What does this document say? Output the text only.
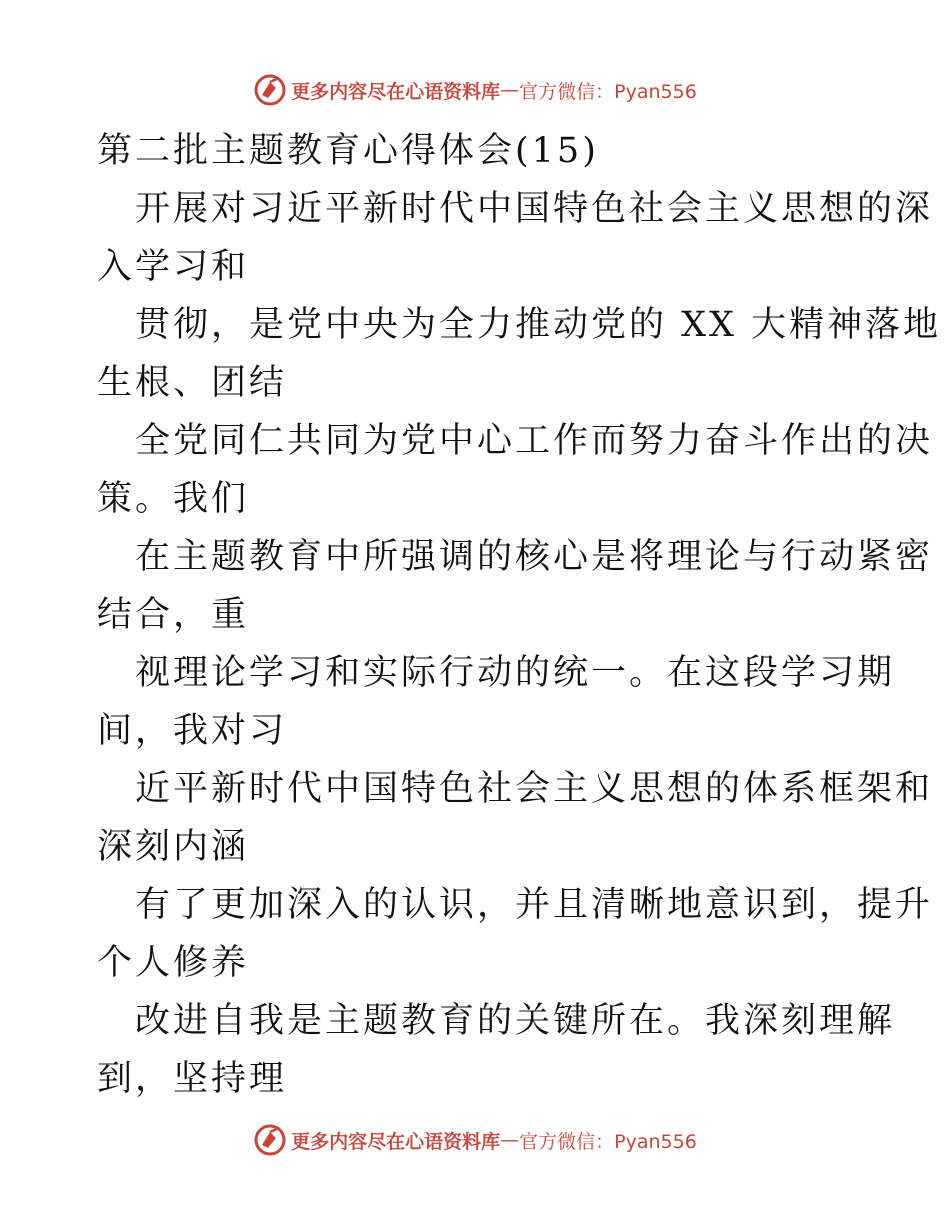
更多内容尽在心语资料库 — 官方微信：Pyan556
第二批主题教育心得体会(15)
开展对习近平新时代中国特色社会主义思想的深
入学习和
贯彻，是党中央为全力推动党的 XX 大精神落地
生根、团结
全党同仁共同为党中心工作而努力奋斗作出的决
策。我们
在主题教育中所强调的核心是将理论与行动紧密
结合，重
视理论学习和实际行动的统一。在这段学习期
间，我对习
近平新时代中国特色社会主义思想的体系框架和
深刻内涵
有了更加深入的认识，并且清晰地意识到，提升
个人修养
改进自我是主题教育的关键所在。我深刻理解
到，坚持理
更多内容尽在心语资料库 — 官方微信：Pyan556
